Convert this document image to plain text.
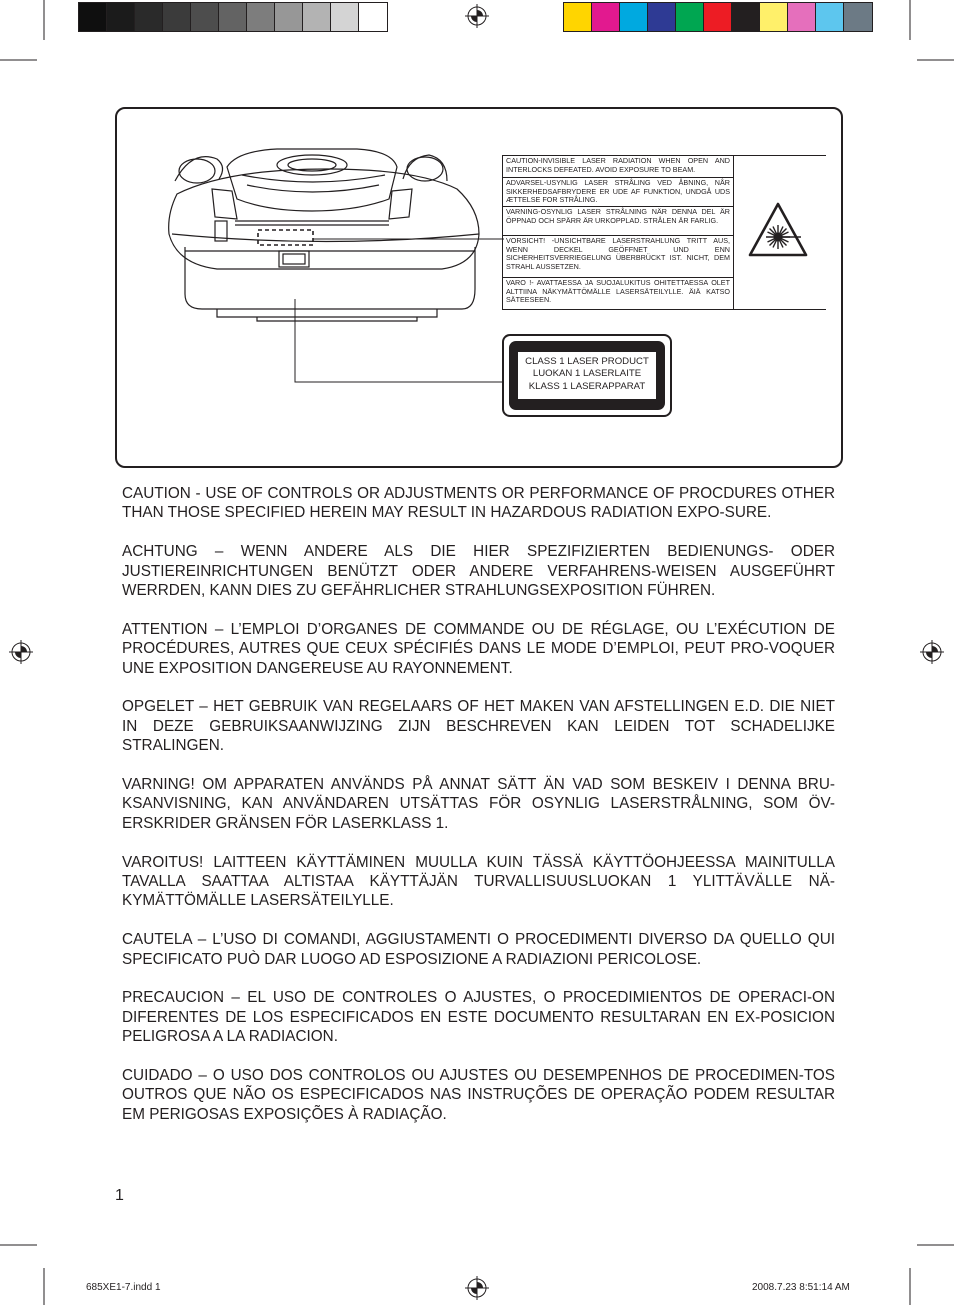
CAUTION-INVISIBLE LASER RADIATION WHEN OPEN AND INTERLOCKS DEFEATED. AVOID EXPOSURE TO BEAM.
ADVARSEL-USYNLIG LASER STRÅLING VED ÅBNING, NÅR SIKKERHEDSAFBRYDERE ER UDE AF FUNKTION, UNDGÅ UDS ÆTTELSE FOR STRÅLING.
VARNING-OSYNLIG LASER STRÅLNING NÄR DENNA DEL ÄR ÖPPNAD OCH SPÄRR ÄR URKOPPLAD. STRÅLEN ÄR FARLIG.
VORSICHT! -UNSICHTBARE LASERSTRAHLUNG TRITT AUS, WENN DECKEL GEÖFFNET UND ENN SICHERHEITSVERRIEGELUNG ÜBERBRÜCKT IST. NICHT, DEM STRAHL AUSSETZEN.
VARO !- AVATTAESSA JA SUOJALUKITUS OHITETTAESSA OLET ALTTIINA NÄKYMÄTTÖMÄLLE LASERSÄTEILYLLE. ÄIÄ KATSO SÄTEESEEN.
CLASS 1 LASER PRODUCT
LUOKAN 1 LASERLAITE
KLASS 1 LASERAPPARAT

CAUTION - USE OF CONTROLS OR ADJUSTMENTS OR PERFORMANCE OF PROCDURES OTHER THAN THOSE SPECIFIED HEREIN MAY RESULT IN HAZARDOUS RADIATION EXPO-SURE.

ACHTUNG – WENN ANDERE ALS DIE HIER SPEZIFIZIERTEN BEDIENUNGS- ODER JUSTIEREINRICHTUNGEN BENÜTZT ODER ANDERE VERFAHRENS-WEISEN AUSGEFÜHRT WERRDEN, KANN DIES ZU GEFÄHRLICHER STRAHLUNGSEXPOSITION FÜHREN.

ATTENTION – L’EMPLOI D’ORGANES DE COMMANDE OU DE RÉGLAGE, OU L’EXÉCUTION DE PROCÉDURES, AUTRES QUE CEUX SPÉCIFIÉS DANS LE MODE D’EMPLOI, PEUT PRO-VOQUER UNE EXPOSITION DANGEREUSE AU RAYONNEMENT.

OPGELET – HET GEBRUIK VAN REGELAARS OF HET MAKEN VAN AFSTELLINGEN E.D. DIE NIET IN DEZE GEBRUIKSAANWIJZING ZIJN BESCHREVEN KAN LEIDEN TOT SCHADELIJKE STRALINGEN.

VARNING! OM APPARATEN ANVÄNDS PÅ ANNAT SÄTT ÄN VAD SOM BESKEIV I DENNA BRU-KSANVISNING, KAN ANVÄNDAREN UTSÄTTAS FÖR OSYNLIG LASERSTRÅLNING, SOM ÖV-ERSKRIDER GRÄNSEN FÖR LASERKLASS 1.

VAROITUS! LAITTEEN KÄYTTÄMINEN MUULLA KUIN TÄSSÄ KÄYTTÖOHJEESSA MAINITULLA TAVALLA SAATTAA ALTISTAA KÄYTTÄJÄN TURVALLISUUSLUOKAN 1 YLITTÄVÄLLE NÄ-KYMÄTTÖMÄLLE LASERSÄTEILYLLE.

CAUTELA – L’USO DI COMANDI, AGGIUSTAMENTI O PROCEDIMENTI DIVERSO DA QUELLO QUI SPECIFICATO PUÒ DAR LUOGO AD ESPOSIZIONE A RADIAZIONI PERICOLOSE.

PRECAUCION – EL USO DE CONTROLES O AJUSTES, O PROCEDIMIENTOS DE OPERACI-ON DIFERENTES DE LOS ESPECIFICADOS EN ESTE DOCUMENTO RESULTARAN EN EX-POSICION PELIGROSA A LA RADIACION.

CUIDADO – O USO DOS CONTROLOS OU AJUSTES OU DESEMPENHOS DE PROCEDIMEN-TOS OUTROS QUE NÃO OS ESPECIFICADOS NAS INSTRUÇÕES DE OPERAÇÃO PODEM RESULTAR EM PERIGOSAS EXPOSIÇÕES À RADIAÇÃO.

1
685XE1-7.indd 1	2008.7.23 8:51:14 AM
